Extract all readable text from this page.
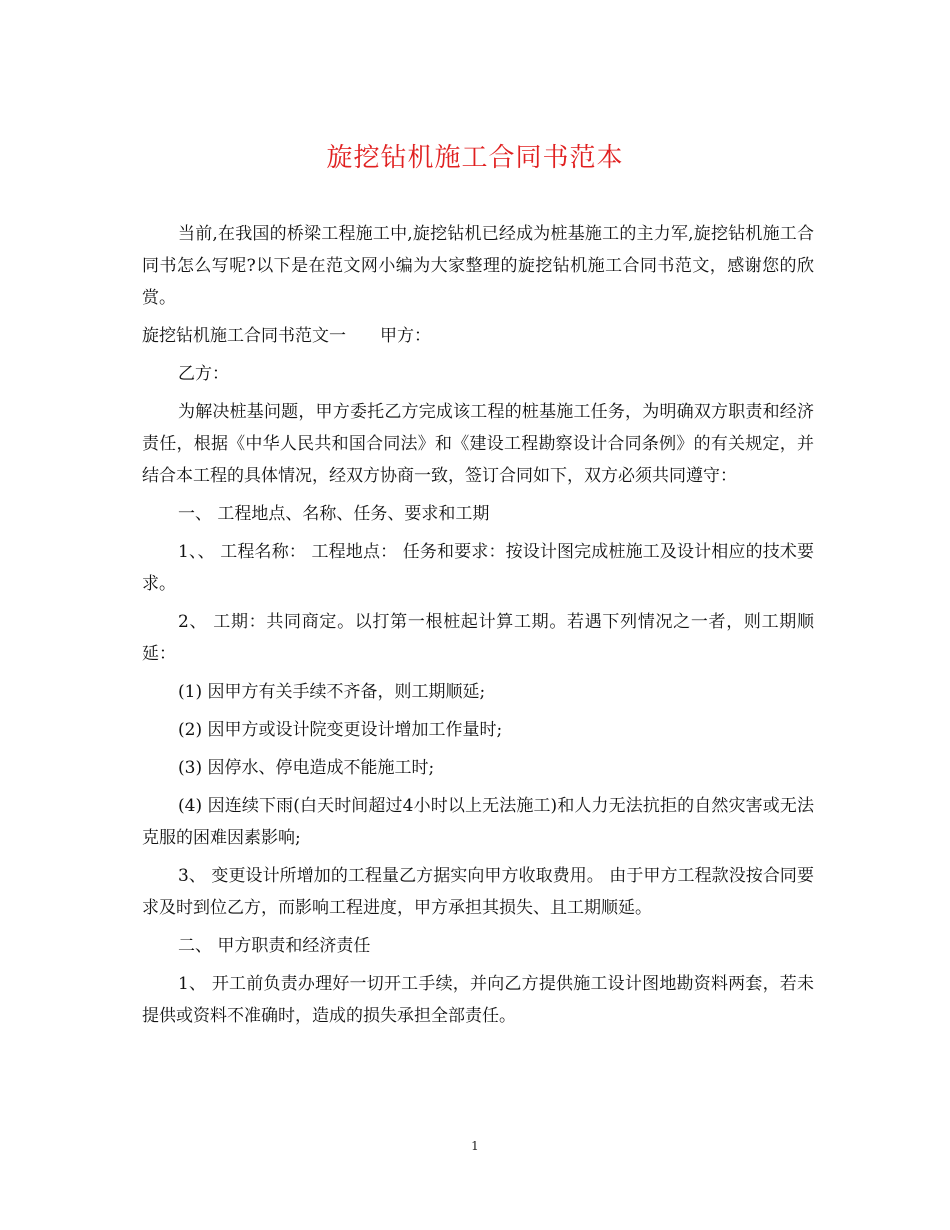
旋挖钻机施工合同书范本

当前,在我国的桥梁工程施工中,旋挖钻机已经成为桩基施工的主力军,旋挖钻机施工合同书怎么写呢?以下是在范文网小编为大家整理的旋挖钻机施工合同书范文，感谢您的欣赏。

旋挖钻机施工合同书范文一　　甲方：

乙方：

为解决桩基问题，甲方委托乙方完成该工程的桩基施工任务，为明确双方职责和经济责任，根据《中华人民共和国合同法》和《建设工程勘察设计合同条例》的有关规定，并结合本工程的具体情况，经双方协商一致，签订合同如下，双方必须共同遵守：

一、 工程地点、名称、任务、要求和工期

1、、 工程名称： 工程地点： 任务和要求：按设计图完成桩施工及设计相应的技术要求。

2、 工期：共同商定。以打第一根桩起计算工期。若遇下列情况之一者，则工期顺延：

(1) 因甲方有关手续不齐备，则工期顺延;

(2) 因甲方或设计院变更设计增加工作量时;

(3) 因停水、停电造成不能施工时;

(4) 因连续下雨(白天时间超过4小时以上无法施工)和人力无法抗拒的自然灾害或无法克服的困难因素影响;

3、 变更设计所增加的工程量乙方据实向甲方收取费用。 由于甲方工程款没按合同要求及时到位乙方，而影响工程进度，甲方承担其损失、且工期顺延。

二、 甲方职责和经济责任

1、 开工前负责办理好一切开工手续，并向乙方提供施工设计图地勘资料两套，若未提供或资料不准确时，造成的损失承担全部责任。

1
